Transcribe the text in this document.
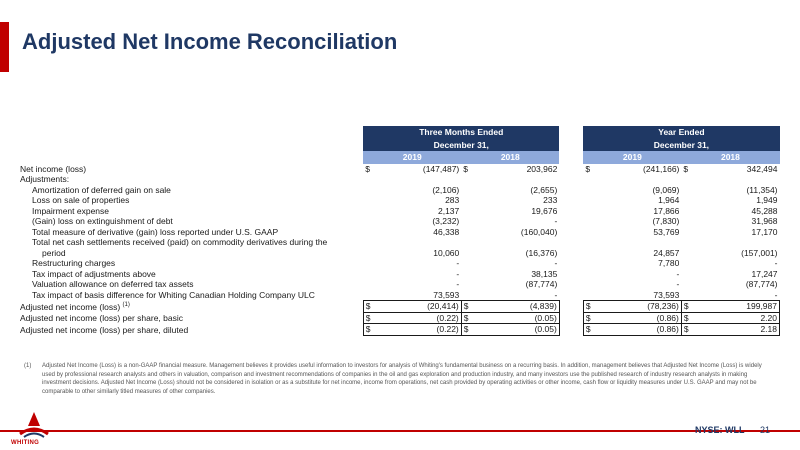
Adjusted Net Income Reconciliation
	Three Months Ended					Year Ended			
	December 31,					December 31,			
	2019		2018			2019		2018	
Net income (loss)	$	(147,487)	$	203,962		$	(241,166)	$	342,494
Adjustments:									
Amortization of deferred gain on sale		(2,106)		(2,655)			(9,069)		(11,354)
Loss on sale of properties		283		233			1,964		1,949
Impairment expense		2,137		19,676			17,866		45,288
(Gain) loss on extinguishment of debt		(3,232)		-			(7,830)		31,968
Total measure of derivative (gain) loss reported under U.S. GAAP		46,338		(160,040)			53,769		17,170
Total net cash settlements received (paid) on commodity derivatives during the									
period		10,060		(16,376)			24,857		(157,001)
Restructuring charges		-		-			7,780		-
Tax impact of adjustments above		-		38,135			-		17,247
Valuation allowance on deferred tax assets		-		(87,774)			-		(87,774)
Tax impact of basis difference for Whiting Canadian Holding Company ULC		73,593		-			73,593		-
Adjusted net income (loss) $^{(1)}$	$	(20,414)	$	(4,839)		$	(78,236)	$	199,987
Adjusted net income (loss) per share, basic	$	(0.22)	$	(0.05)		$	(0.86)	$	2.20
Adjusted net income (loss) per share, diluted	$	(0.22)	$	(0.05)		$	(0.86)	$	2.18
(1) Adjusted Net Income (Loss) is a non-GAAP financial measure. Management believes it provides useful information to investors for analysis of Whiting's fundamental business on a recurring basis. In addition, management believes that Adjusted Net Income (Loss) is widely used by professional research analysts and others in valuation, comparison and investment recommendations of companies in the oil and gas exploration and production industry, and many investors use the published research of industry research analysts in making investment decisions. Adjusted Net Income (Loss) should not be considered in isolation or as a substitute for net income, income from operations, net cash provided by operating activities or other income, cash flow or liquidity measures under U.S. GAAP and may not be comparable to other similarly titled measures of other companies.
WHITING
NYSE: WLL 21
